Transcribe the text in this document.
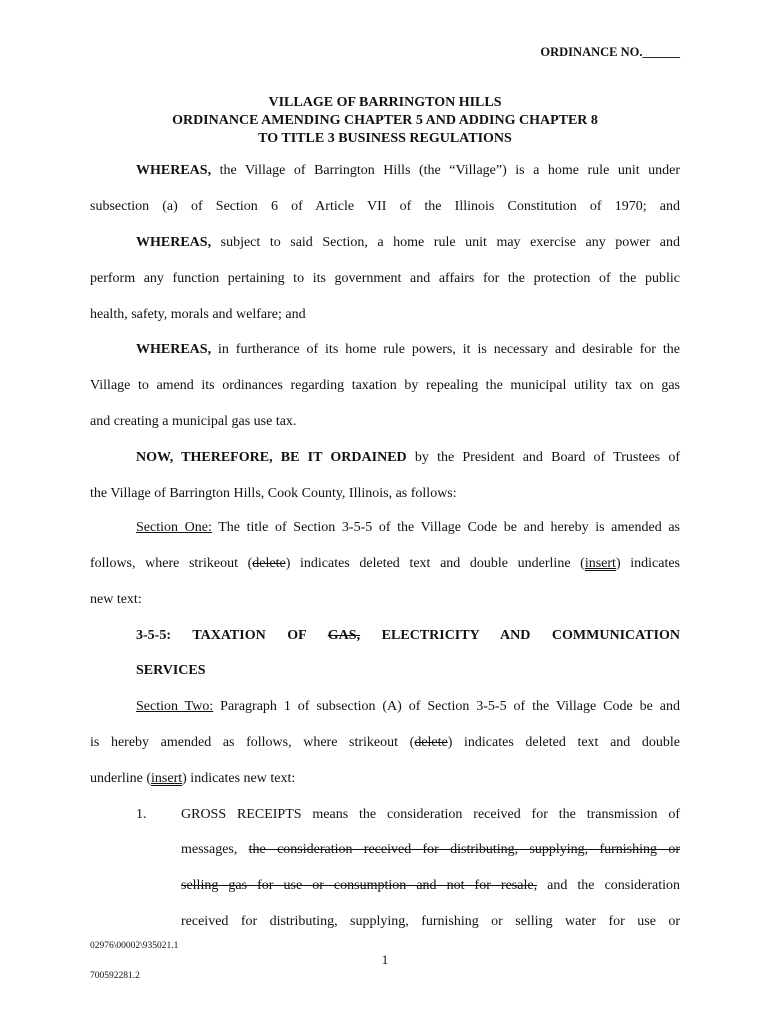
ORDINANCE NO.______
VILLAGE OF BARRINGTON HILLS
ORDINANCE AMENDING CHAPTER 5 AND ADDING CHAPTER 8
TO TITLE 3 BUSINESS REGULATIONS
WHEREAS, the Village of Barrington Hills (the “Village”) is a home rule unit under
subsection (a) of Section 6 of Article VII of the Illinois Constitution of 1970; and
WHEREAS, subject to said Section, a home rule unit may exercise any power and
perform any function pertaining to its government and affairs for the protection of the public
health, safety, morals and welfare; and
WHEREAS, in furtherance of its home rule powers, it is necessary and desirable for the
Village to amend its ordinances regarding taxation by repealing the municipal utility tax on gas
and creating a municipal gas use tax.
NOW, THEREFORE, BE IT ORDAINED by the President and Board of Trustees of
the Village of Barrington Hills, Cook County, Illinois, as follows:
Section One: The title of Section 3-5-5 of the Village Code be and hereby is amended as
follows, where strikeout (delete) indicates deleted text and double underline (insert) indicates
new text:
3-5-5: TAXATION OF GAS, ELECTRICITY AND COMMUNICATION
SERVICES
Section Two: Paragraph 1 of subsection (A) of Section 3-5-5 of the Village Code be and
is hereby amended as follows, where strikeout (delete) indicates deleted text and double
underline (insert) indicates new text:
1. GROSS RECEIPTS means the consideration received for the transmission of
messages, the consideration received for distributing, supplying, furnishing or
selling gas for use or consumption and not for resale, and the consideration
received for distributing, supplying, furnishing or selling water for use or
02976\00002\935021.1
1
700592281.2
